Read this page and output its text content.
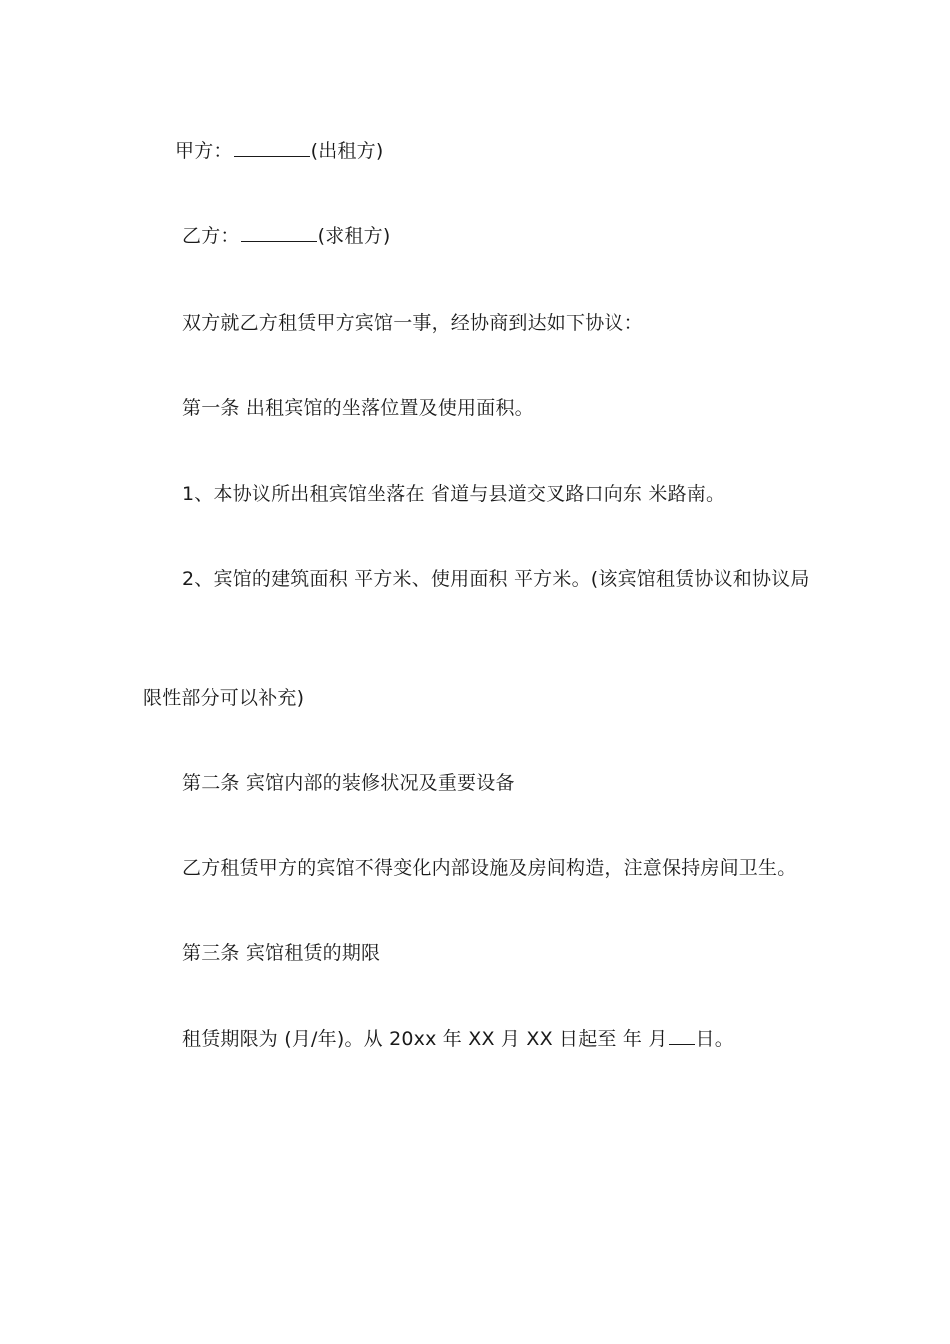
甲方：	(出租方)
乙方：	(求租方)
双方就乙方租赁甲方宾馆一事，经协商到达如下协议：
第一条 出租宾馆的坐落位置及使用面积。
1、本协议所出租宾馆坐落在 省道与县道交叉路口向东 米路南。
2、宾馆的建筑面积 平方米、使用面积 平方米。(该宾馆租赁协议和协议局
限性部分可以补充)
第二条 宾馆内部的装修状况及重要设备
乙方租赁甲方的宾馆不得变化内部设施及房间构造，注意保持房间卫生。
第三条 宾馆租赁的期限
租赁期限为 (月/年)。从 20xx 年 XX 月 XX 日起至 年 月 日。
